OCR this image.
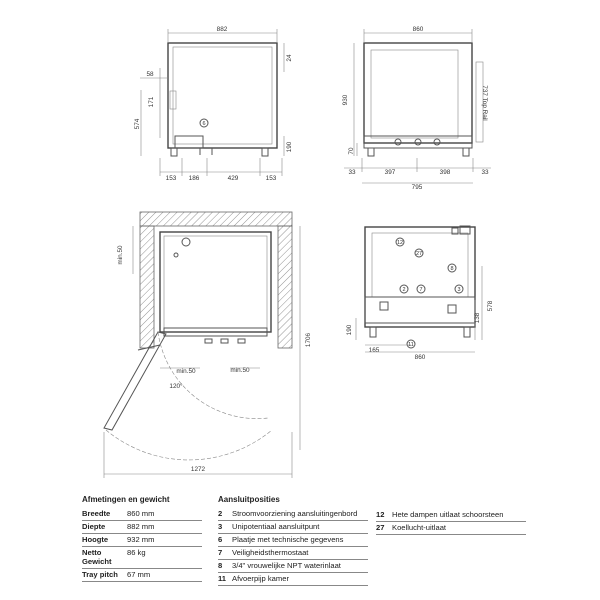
6
882
58
171
574
24
190
153 186	429	153
737 Top Rail
860
930
70
33	397	398	33
795
min.50	min.50
120°
min.50
1706
1272
12
27
8
2	7	3
11
578
138
190
165
860
Afmetingen en gewicht
Breedte	860 mm
Diepte	882 mm
Hoogte	932 mm
Netto Gewicht
86 kg
Tray pitch	67 mm
Aansluitposities
2	Stroomvoorziening aansluitingenbord
3	Unipotentiaal aansluitpunt
6	Plaatje met technische gegevens
7	Veiligheidsthermostaat
8	3/4" vrouwelijke NPT waterinlaat
11 Afvoerpijp kamer
12 Hete dampen uitlaat schoorsteen
27 Koellucht-uitlaat
